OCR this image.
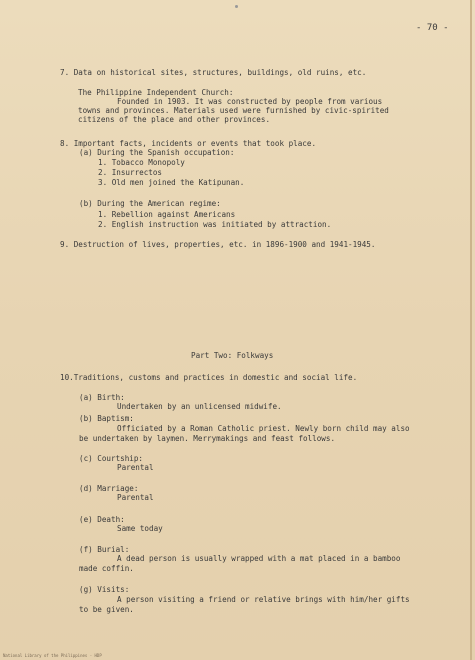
- 70 -
7. Data on historical sites, structures, buildings, old ruins, etc.
The Philippine Independent Church:
Founded in 1903. It was constructed by people from various
towns and provinces. Materials used were furnished by civic-spirited
citizens of the place and other provinces.
8. Important facts, incidents or events that took place.
(a) During the Spanish occupation:
1. Tobacco Monopoly
2. Insurrectos
3. Old men joined the Katipunan.
(b) During the American regime:
1. Rebellion against Americans
2. English instruction was initiated by attraction.
9. Destruction of lives, properties, etc. in 1896-1900 and 1941-1945.
Part Two: Folkways
10.Traditions, customs and practices in domestic and social life.
(a) Birth:
Undertaken by an unlicensed midwife.
(b) Baptism:
Officiated by a Roman Catholic priest. Newly born child may also
be undertaken by laymen. Merrymakings and feast follows.
(c) Courtship:
Parental
(d) Marriage:
Parental
(e) Death:
Same today
(f) Burial:
A dead person is usually wrapped with a mat placed in a bamboo
made coffin.
(g) Visits:
A person visiting a friend or relative brings with him/her gifts
to be given.
National Library of the Philippines · HDP
